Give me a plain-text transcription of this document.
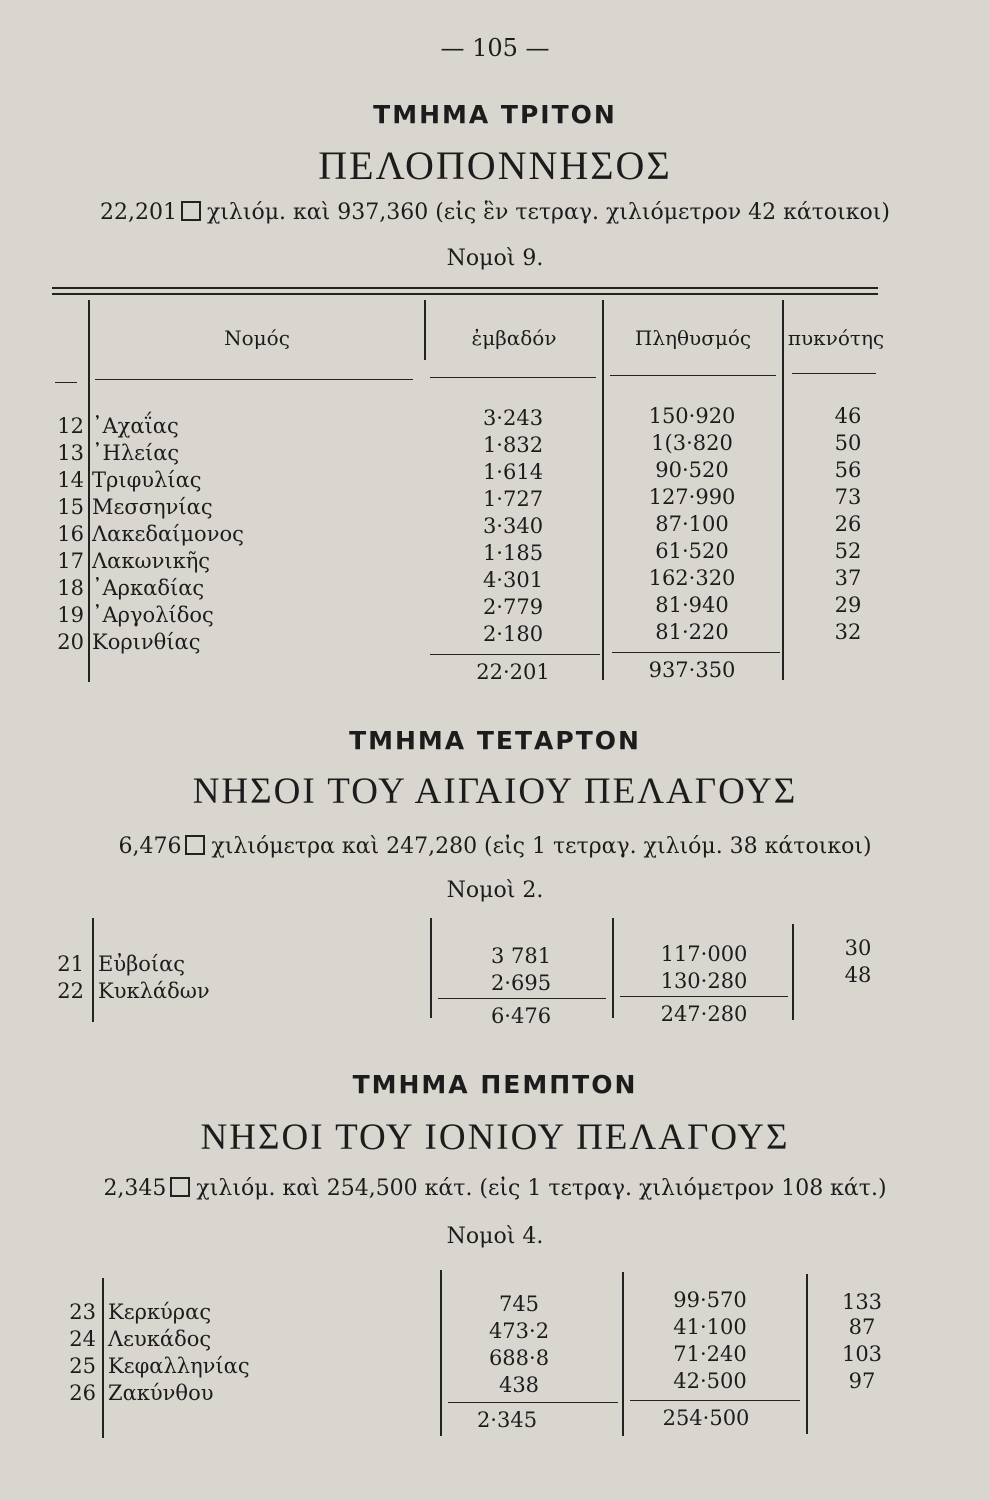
— 105 —
ΤΜΗΜΑ ΤΡΙΤΟΝ
ΠΕΛΟΠΟΝΝΗΣΟΣ
22,201 χιλιόμ. καὶ 937,360 (εἰς ἓν τετραγ. χιλιόμετρον 42 κάτοικοι)
Νομοὶ 9.
Νομός	ἐμβαδόν	Πληθυσμός	πυκνότης
12 ᾿Αχαΐας	3·243	150·920	46
13 ᾿Ηλείας	1·832	1(3·820	50
14 Τριφυλίας	1·614	90·520	56
15 Μεσσηνίας	1·727	127·990	73
16 Λακεδαίμονος	3·340	87·100	26
17 Λακωνικῆς	1·185	61·520	52
18 ᾿Αρκαδίας	4·301	162·320	37
19 ᾿Αργολίδος	2·779	81·940	29
20 Κορινθίας	2·180	81·220	32
22·201	937·350
ΤΜΗΜΑ ΤΕΤΑΡΤΟΝ
ΝΗΣΟΙ ΤΟΥ ΑΙΓΑΙΟΥ ΠΕΛΑΓΟΥΣ
6,476 χιλιόμετρα καὶ 247,280 (εἰς 1 τετραγ. χιλιόμ. 38 κάτοικοι)
Νομοὶ 2.
21 Εὐβοίας	3 781	117·000	30
22 Κυκλάδων	2·695	130·280	48
6·476	247·280
ΤΜΗΜΑ ΠΕΜΠΤΟΝ
ΝΗΣΟΙ ΤΟΥ ΙΟΝΙΟΥ ΠΕΛΑΓΟΥΣ
2,345 χιλιόμ. καὶ 254,500 κάτ. (εἰς 1 τετραγ. χιλιόμετρον 108 κάτ.)
Νομοὶ 4.
23 Κερκύρας	745	99·570	133
24 Λευκάδος	473·2	41·100	87
25 Κεφαλληνίας	688·8	71·240	103
26 Ζακύνθου	438	42·500	97
2·345	254·500
